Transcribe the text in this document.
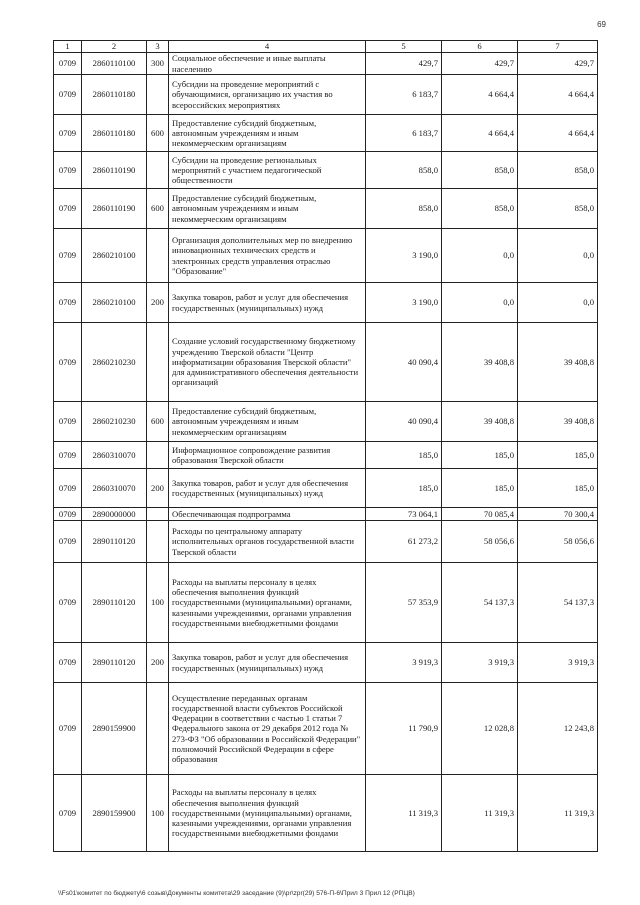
69
1	2	3	4	5	6	7
0709	2860110100	300	Социальное обеспечение и иные выплаты населению	429,7	429,7	429,7
0709	2860110180		Субсидии на проведение мероприятий с обучающимися, организацию их участия во всероссийских мероприятиях	6 183,7	4 664,4	4 664,4
0709	2860110180	600	Предоставление субсидий бюджетным, автономным учреждениям и иным некоммерческим организациям	6 183,7	4 664,4	4 664,4
0709	2860110190		Субсидии на проведение региональных мероприятий с участием педагогической общественности	858,0	858,0	858,0
0709	2860110190	600	Предоставление субсидий бюджетным, автономным учреждениям и иным некоммерческим организациям	858,0	858,0	858,0
0709	2860210100		Организация дополнительных мер по внедрению инновационных технических средств и электронных средств управления отраслью "Образование"	3 190,0	0,0	0,0
0709	2860210100	200	Закупка товаров, работ и услуг для обеспечения государственных (муниципальных) нужд	3 190,0	0,0	0,0
0709	2860210230		Создание условий государственному бюджетному учреждению Тверской области "Центр информатизации образования Тверской области" для административного обеспечения деятельности организаций	40 090,4	39 408,8	39 408,8
0709	2860210230	600	Предоставление субсидий бюджетным, автономным учреждениям и иным некоммерческим организациям	40 090,4	39 408,8	39 408,8
0709	2860310070		Информационное сопровождение развития образования Тверской области	185,0	185,0	185,0
0709	2860310070	200	Закупка товаров, работ и услуг для обеспечения государственных (муниципальных) нужд	185,0	185,0	185,0
0709	2890000000		Обеспечивающая подпрограмма	73 064,1	70 085,4	70 300,4
0709	2890110120		Расходы по центральному аппарату исполнительных органов государственной власти Тверской области	61 273,2	58 056,6	58 056,6
0709	2890110120	100	Расходы на выплаты персоналу в целях обеспечения выполнения функций государственными (муниципальными) органами, казенными учреждениями, органами управления государственными внебюджетными фондами	57 353,9	54 137,3	54 137,3
0709	2890110120	200	Закупка товаров, работ и услуг для обеспечения государственных (муниципальных) нужд	3 919,3	3 919,3	3 919,3
0709	2890159900		Осуществление переданных органам государственной власти субъектов Российской Федерации в соответствии с частью 1 статьи 7 Федерального закона от 29 декабря 2012 года № 273-ФЗ "Об образовании в Российской Федерации" полномочий Российской Федерации в сфере образования	11 790,9	12 028,8	12 243,8
0709	2890159900	100	Расходы на выплаты персоналу в целях обеспечения выполнения функций государственными (муниципальными) органами, казенными учреждениями, органами управления государственными внебюджетными фондами	11 319,3	11 319,3	11 319,3
\\Fs01\комитет по бюджету\6 созыв\Документы комитета\29 заседание (9)\pr\zpr(29) 576-П-6\Прил 3 Прил 12 (РПЦВ)
